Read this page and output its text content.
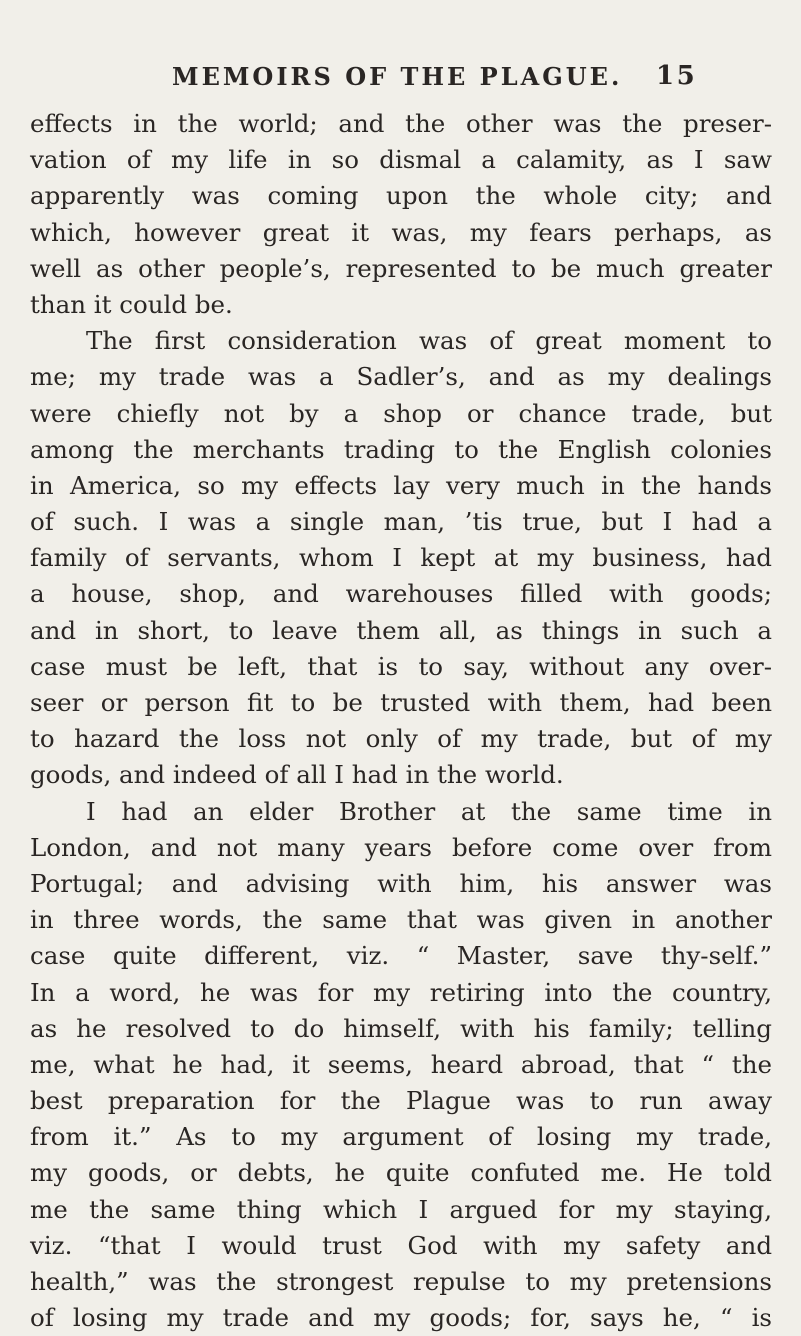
MEMOIRS OF THE PLAGUE. 15
effects in the world; and the other was the preser-
vation of my life in so dismal a calamity, as I saw
apparently was coming upon the whole city; and
which, however great it was, my fears perhaps, as
well as other people’s, represented to be much greater
than it could be.
The first consideration was of great moment to
me; my trade was a Sadler’s, and as my dealings
were chiefly not by a shop or chance trade, but
among the merchants trading to the English colonies
in America, so my effects lay very much in the hands
of such. I was a single man, ’tis true, but I had a
family of servants, whom I kept at my business, had
a house, shop, and warehouses filled with goods;
and in short, to leave them all, as things in such a
case must be left, that is to say, without any over-
seer or person fit to be trusted with them, had been
to hazard the loss not only of my trade, but of my
goods, and indeed of all I had in the world.
I had an elder Brother at the same time in
London, and not many years before come over from
Portugal; and advising with him, his answer was
in three words, the same that was given in another
case quite different, viz. “ Master, save thy-self.”
In a word, he was for my retiring into the country,
as he resolved to do himself, with his family; telling
me, what he had, it seems, heard abroad, that “ the
best preparation for the Plague was to run away
from it.” As to my argument of losing my trade,
my goods, or debts, he quite confuted me. He told
me the same thing which I argued for my staying,
viz. “that I would trust God with my safety and
health,” was the strongest repulse to my pretensions
of losing my trade and my goods; for, says he, “ is
